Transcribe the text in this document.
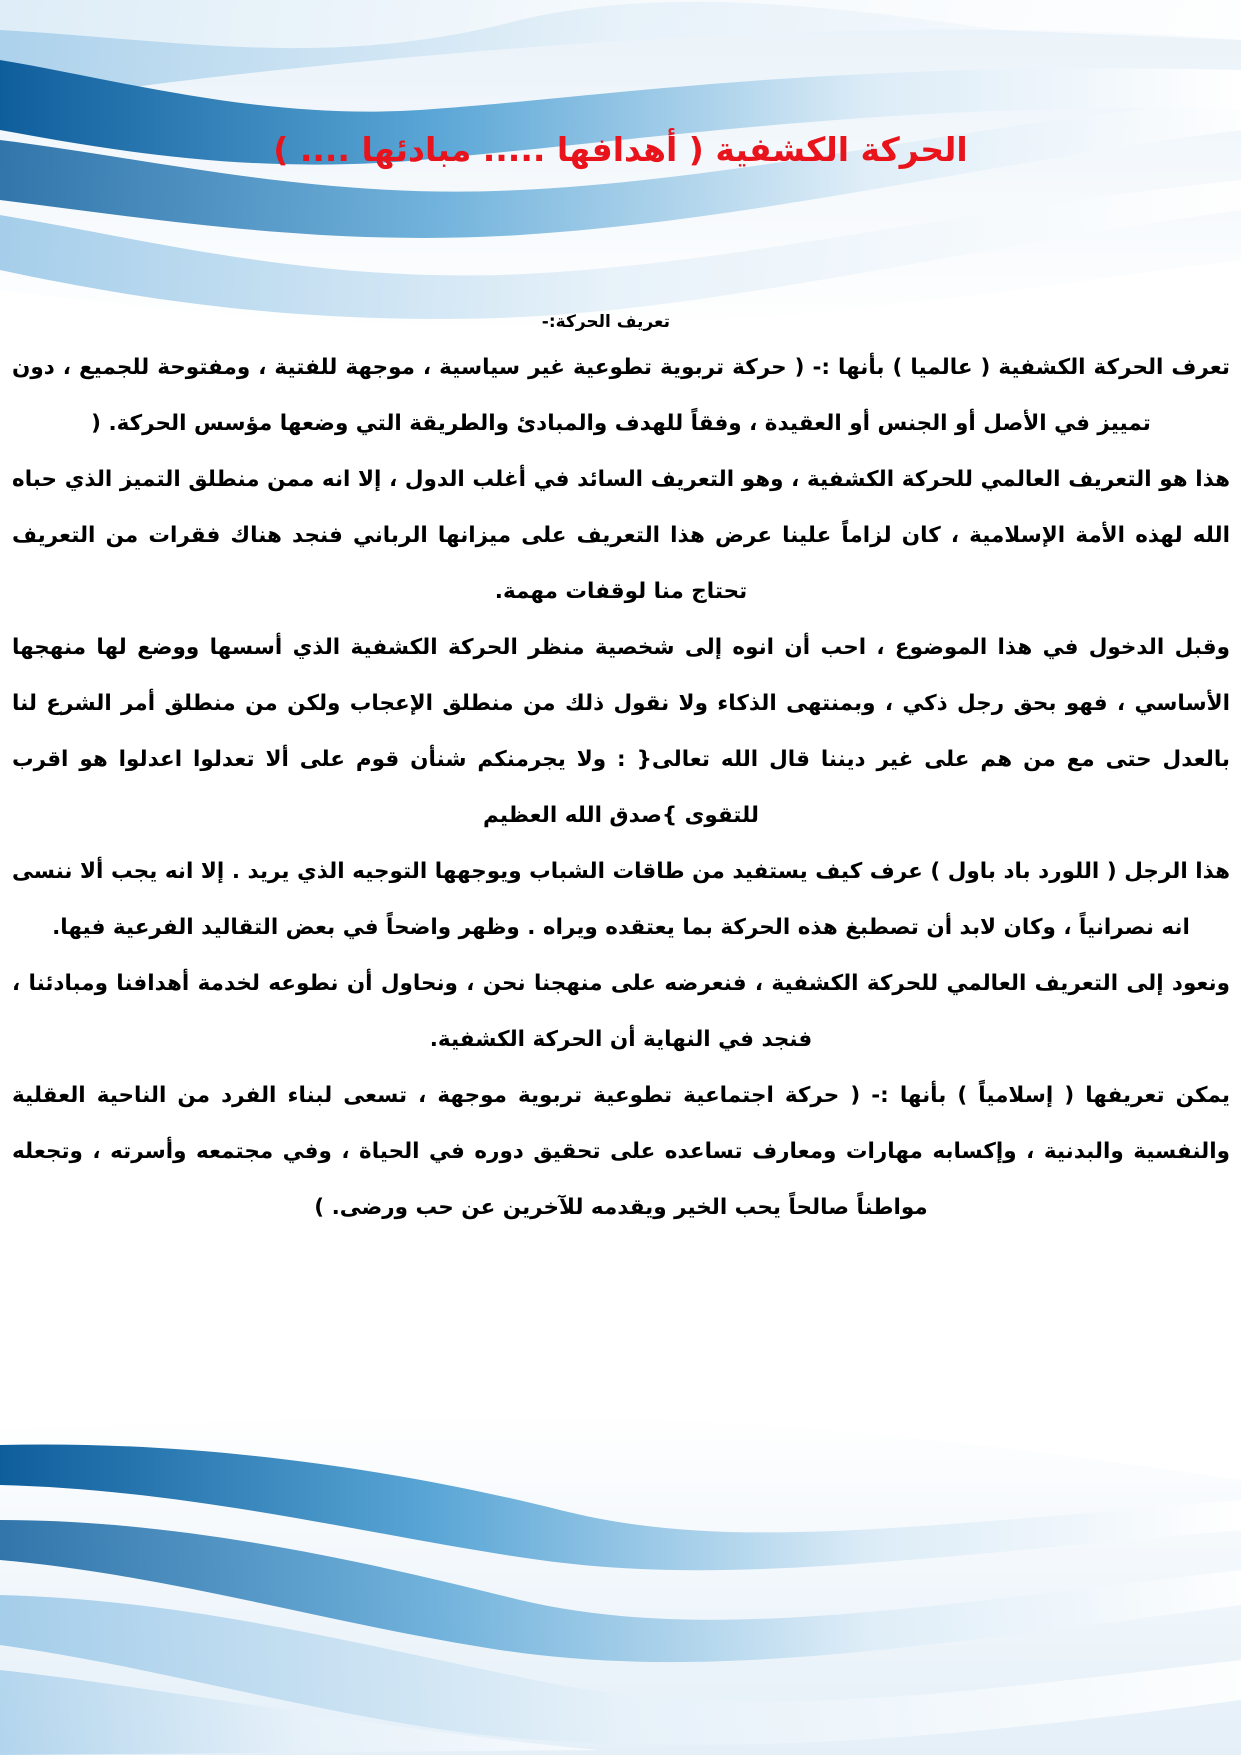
الحركة الكشفية ( أهدافها ..... مبادئها .... )
تعريف الحركة:-

تعرف الحركة الكشفية ( عالميا ) بأنها :- ( حركة تربوية تطوعية غير سياسية ، موجهة للفتية ، ومفتوحة للجميع ، دون تمييز في الأصل أو الجنس أو العقيدة ، وفقاً للهدف والمبادئ والطريقة التي وضعها مؤسس الحركة. (

هذا هو التعريف العالمي للحركة الكشفية ، وهو التعريف السائد في أغلب الدول ، إلا انه ممن منطلق التميز الذي حباه الله لهذه الأمة الإسلامية ، كان لزاماً علينا عرض هذا التعريف على ميزانها الرباني فنجد هناك فقرات من التعريف تحتاج منا لوقفات مهمة.

وقبل الدخول في هذا الموضوع ، احب أن انوه إلى شخصية منظر الحركة الكشفية الذي أسسها ووضع لها منهجها الأساسي ، فهو بحق رجل ذكي ، وبمنتهى الذكاء ولا نقول ذلك من منطلق الإعجاب ولكن من منطلق أمر الشرع لنا بالعدل حتى مع من هم على غير ديننا قال الله تعالى{ : ولا يجرمنكم شنأن قوم على ألا تعدلوا اعدلوا هو اقرب للتقوى }صدق الله العظيم

هذا الرجل ( اللورد باد باول ) عرف كيف يستفيد من طاقات الشباب ويوجهها التوجيه الذي يريد . إلا انه يجب ألا ننسى انه نصرانياً ، وكان لابد أن تصطبغ هذه الحركة بما يعتقده ويراه . وظهر واضحاً في بعض التقاليد الفرعية فيها.

ونعود إلى التعريف العالمي للحركة الكشفية ، فنعرضه على منهجنا نحن ، ونحاول أن نطوعه لخدمة أهدافنا ومبادئنا ، فنجد في النهاية أن الحركة الكشفية.

يمكن تعريفها ( إسلامياً ) بأنها :- ( حركة اجتماعية تطوعية تربوية موجهة ، تسعى لبناء الفرد من الناحية العقلية والنفسية والبدنية ، وإكسابه مهارات ومعارف تساعده على تحقيق دوره في الحياة ، وفي مجتمعه وأسرته ، وتجعله مواطناً صالحاً يحب الخير ويقدمه للآخرين عن حب ورضى. )
